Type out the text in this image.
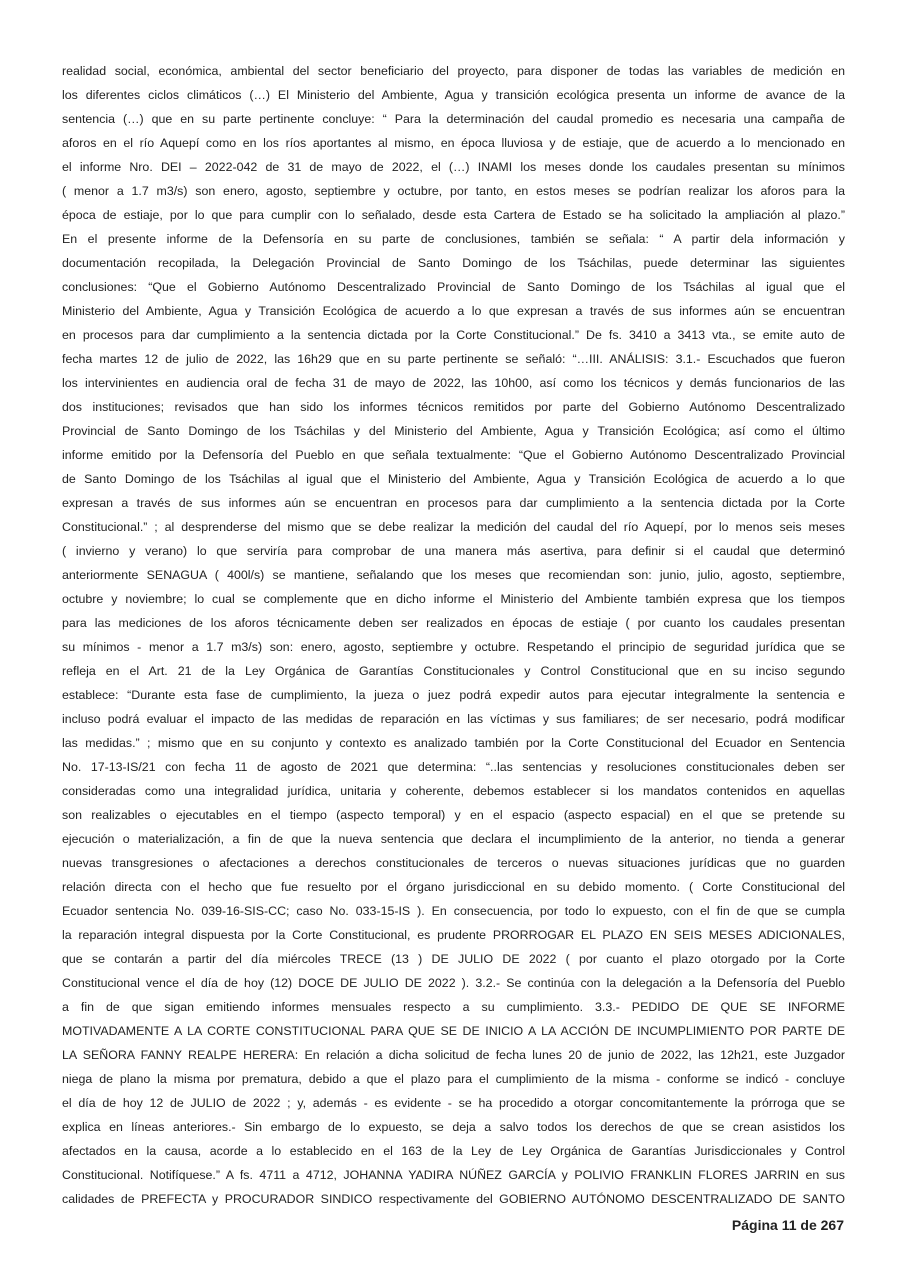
realidad social, económica, ambiental del sector beneficiario del proyecto, para disponer de todas las variables de medición en
los diferentes ciclos climáticos (…) El Ministerio del Ambiente, Agua y transición ecológica presenta un informe de avance de la
sentencia (…) que en su parte pertinente concluye: “ Para la determinación del caudal promedio es necesaria una campaña de
aforos en el río Aquepí como en los ríos aportantes al mismo, en época lluviosa y de estiaje, que de acuerdo a lo mencionado en
el informe Nro. DEI – 2022-042 de 31 de mayo de 2022, el (…) INAMI los meses donde los caudales presentan su mínimos
( menor a 1.7 m3/s) son enero, agosto, septiembre y octubre, por tanto, en estos meses se podrían realizar los aforos para la
época de estiaje, por lo que para cumplir con lo señalado, desde esta Cartera de Estado se ha solicitado la ampliación al plazo.”
En el presente informe de la Defensoría en su parte de conclusiones, también se señala: “ A partir dela información y
documentación recopilada, la Delegación Provincial de Santo Domingo de los Tsáchilas, puede determinar las siguientes
conclusiones: “Que el Gobierno Autónomo Descentralizado Provincial de Santo Domingo de los Tsáchilas al igual que el
Ministerio del Ambiente, Agua y Transición Ecológica de acuerdo a lo que expresan a través de sus informes aún se encuentran
en procesos para dar cumplimiento a la sentencia dictada por la Corte Constitucional.” De fs. 3410 a 3413 vta., se emite auto de
fecha martes 12 de julio de 2022, las 16h29 que en su parte pertinente se señaló: “…III. ANÁLISIS: 3.1.- Escuchados que fueron
los intervinientes en audiencia oral de fecha 31 de mayo de 2022, las 10h00, así como los técnicos y demás funcionarios de las
dos instituciones; revisados que han sido los informes técnicos remitidos por parte del Gobierno Autónomo Descentralizado
Provincial de Santo Domingo de los Tsáchilas y del Ministerio del Ambiente, Agua y Transición Ecológica; así como el último
informe emitido por la Defensoría del Pueblo en que señala textualmente: “Que el Gobierno Autónomo Descentralizado Provincial
de Santo Domingo de los Tsáchilas al igual que el Ministerio del Ambiente, Agua y Transición Ecológica de acuerdo a lo que
expresan a través de sus informes aún se encuentran en procesos para dar cumplimiento a la sentencia dictada por la Corte
Constitucional.” ; al desprenderse del mismo que se debe realizar la medición del caudal del río Aquepí, por lo menos seis meses
( invierno y verano) lo que serviría para comprobar de una manera más asertiva, para definir si el caudal que determinó
anteriormente SENAGUA ( 400l/s) se mantiene, señalando que los meses que recomiendan son: junio, julio, agosto, septiembre,
octubre y noviembre; lo cual se complemente que en dicho informe el Ministerio del Ambiente también expresa que los tiempos
para las mediciones de los aforos técnicamente deben ser realizados en épocas de estiaje ( por cuanto los caudales presentan
su mínimos - menor a 1.7 m3/s) son: enero, agosto, septiembre y octubre. Respetando el principio de seguridad jurídica que se
refleja en el Art. 21 de la Ley Orgánica de Garantías Constitucionales y Control Constitucional que en su inciso segundo
establece: “Durante esta fase de cumplimiento, la jueza o juez podrá expedir autos para ejecutar integralmente la sentencia e
incluso podrá evaluar el impacto de las medidas de reparación en las víctimas y sus familiares; de ser necesario, podrá modificar
las medidas.” ; mismo que en su conjunto y contexto es analizado también por la Corte Constitucional del Ecuador en Sentencia
No. 17-13-IS/21 con fecha 11 de agosto de 2021 que determina: “..las sentencias y resoluciones constitucionales deben ser
consideradas como una integralidad jurídica, unitaria y coherente, debemos establecer si los mandatos contenidos en aquellas
son realizables o ejecutables en el tiempo (aspecto temporal) y en el espacio (aspecto espacial) en el que se pretende su
ejecución o materialización, a fin de que la nueva sentencia que declara el incumplimiento de la anterior, no tienda a generar
nuevas transgresiones o afectaciones a derechos constitucionales de terceros o nuevas situaciones jurídicas que no guarden
relación directa con el hecho que fue resuelto por el órgano jurisdiccional en su debido momento. ( Corte Constitucional del
Ecuador sentencia No. 039-16-SIS-CC; caso No. 033-15-IS ). En consecuencia, por todo lo expuesto, con el fin de que se cumpla
la reparación integral dispuesta por la Corte Constitucional, es prudente PRORROGAR EL PLAZO EN SEIS MESES ADICIONALES,
que se contarán a partir del día miércoles TRECE (13 ) DE JULIO DE 2022 ( por cuanto el plazo otorgado por la Corte
Constitucional vence el día de hoy (12) DOCE DE JULIO DE 2022 ). 3.2.- Se continúa con la delegación a la Defensoría del Pueblo
a fin de que sigan emitiendo informes mensuales respecto a su cumplimiento. 3.3.- PEDIDO DE QUE SE INFORME
MOTIVADAMENTE A LA CORTE CONSTITUCIONAL PARA QUE SE DE INICIO A LA ACCIÓN DE INCUMPLIMIENTO POR PARTE DE
LA SEÑORA FANNY REALPE HERERA: En relación a dicha solicitud de fecha lunes 20 de junio de 2022, las 12h21, este Juzgador
niega de plano la misma por prematura, debido a que el plazo para el cumplimiento de la misma - conforme se indicó - concluye
el día de hoy 12 de JULIO de 2022 ; y, además - es evidente - se ha procedido a otorgar concomitantemente la prórroga que se
explica en líneas anteriores.- Sin embargo de lo expuesto, se deja a salvo todos los derechos de que se crean asistidos los
afectados en la causa, acorde a lo establecido en el 163 de la Ley de Ley Orgánica de Garantías Jurisdiccionales y Control
Constitucional. Notifíquese.” A fs. 4711 a 4712, JOHANNA YADIRA NÚÑEZ GARCÍA y POLIVIO FRANKLIN FLORES JARRIN en sus
calidades de PREFECTA y PROCURADOR SINDICO respectivamente del GOBIERNO AUTÓNOMO DESCENTRALIZADO DE SANTO
Página 11 de 267
